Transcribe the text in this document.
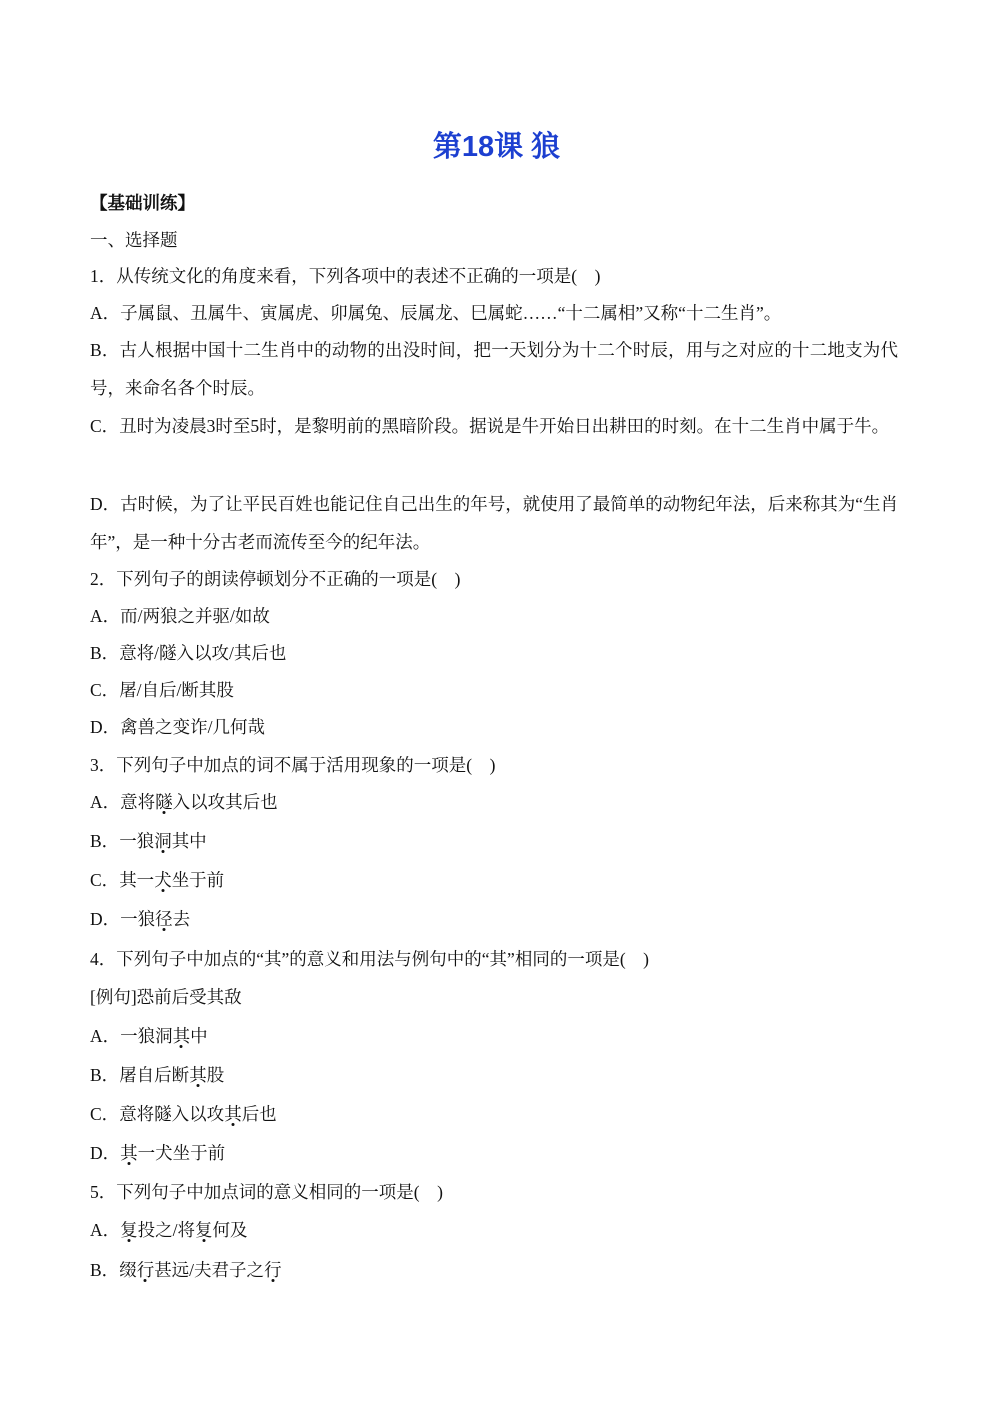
第18课 狼
【基础训练】
一、选择题
1．从传统文化的角度来看，下列各项中的表述不正确的一项是(　)
A．子属鼠、丑属牛、寅属虎、卯属兔、辰属龙、巳属蛇……“十二属相”又称“十二生肖”。
B．古人根据中国十二生肖中的动物的出没时间，把一天划分为十二个时辰，用与之对应的十二地支为代号，来命名各个时辰。
C．丑时为凌晨3时至5时，是黎明前的黑暗阶段。据说是牛开始日出耕田的时刻。在十二生肖中属于牛。
D．古时候，为了让平民百姓也能记住自己出生的年号，就使用了最简单的动物纪年法，后来称其为“生肖年”，是一种十分古老而流传至今的纪年法。
2．下列句子的朗读停顿划分不正确的一项是(　)
A．而/两狼之并驱/如故
B．意将/隧入以攻/其后也
C．屠/自后/断其股
D．禽兽之变诈/几何哉
3．下列句子中加点的词不属于活用现象的一项是(　)
A．意将隧入以攻其后也
B．一狼洞其中
C．其一犬坐于前
D．一狼径去
4．下列句子中加点的“其”的意义和用法与例句中的“其”相同的一项是(　)
[例句]恐前后受其敌
A．一狼洞其中
B．屠自后断其股
C．意将隧入以攻其后也
D．其一犬坐于前
5．下列句子中加点词的意义相同的一项是(　)
A．复投之/将复何及
B．缀行甚远/夫君子之行
